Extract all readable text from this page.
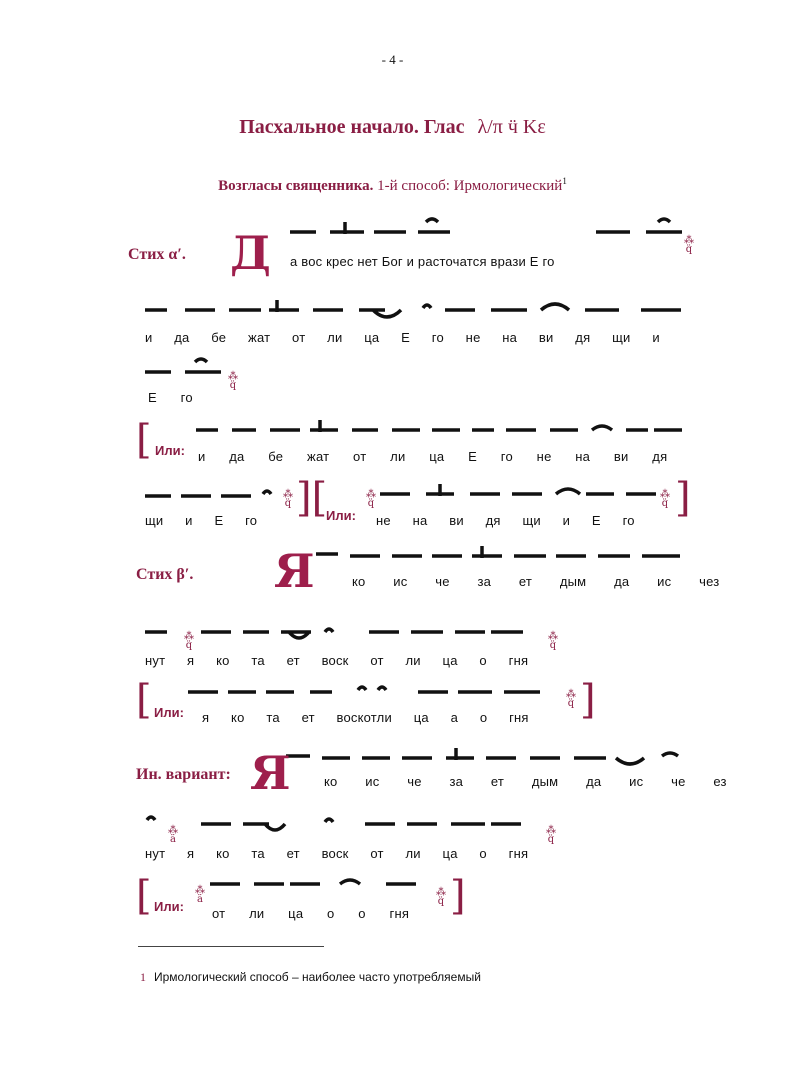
- 4 -
Пасхальное начало. Глас λ/π ӵ Κε
Возгласы священника. 1-й способ: Ирмологический$^1$
Стих α′. Д а вос крес нет Бог и расточатся врази Е го
⁂
q̈
и да бе жат от ли ца Е го не на ви дя щи и
Е го
⁂
q̈
[ Или: и да бе жат от ли ца Е го не на ви дя
щи и Е го
⁂
q̈ ][
Или:
⁂
q̈
не на ви дя щи и Е го
⁂
q̈ ]
Стих β′. Я	ко ис че за ет дым да ис чез
⁂
q̈
нут я ко та ет воск от ли ца о гня
⁂
q̈
[ Или: я ко та ет воскотли ца а о гня
⁂
q̈ ]
Ин. вариант: Я	ко ис че за ет дым да ис че ез
⁂
ӓ
нут я ко та ет воск от ли ца о гня
⁂
q̈
[ Или:
⁂
ӓ
от ли ца о о гня
⁂
q̈ ]
1 Ирмологический способ – наиболее часто употребляемый
